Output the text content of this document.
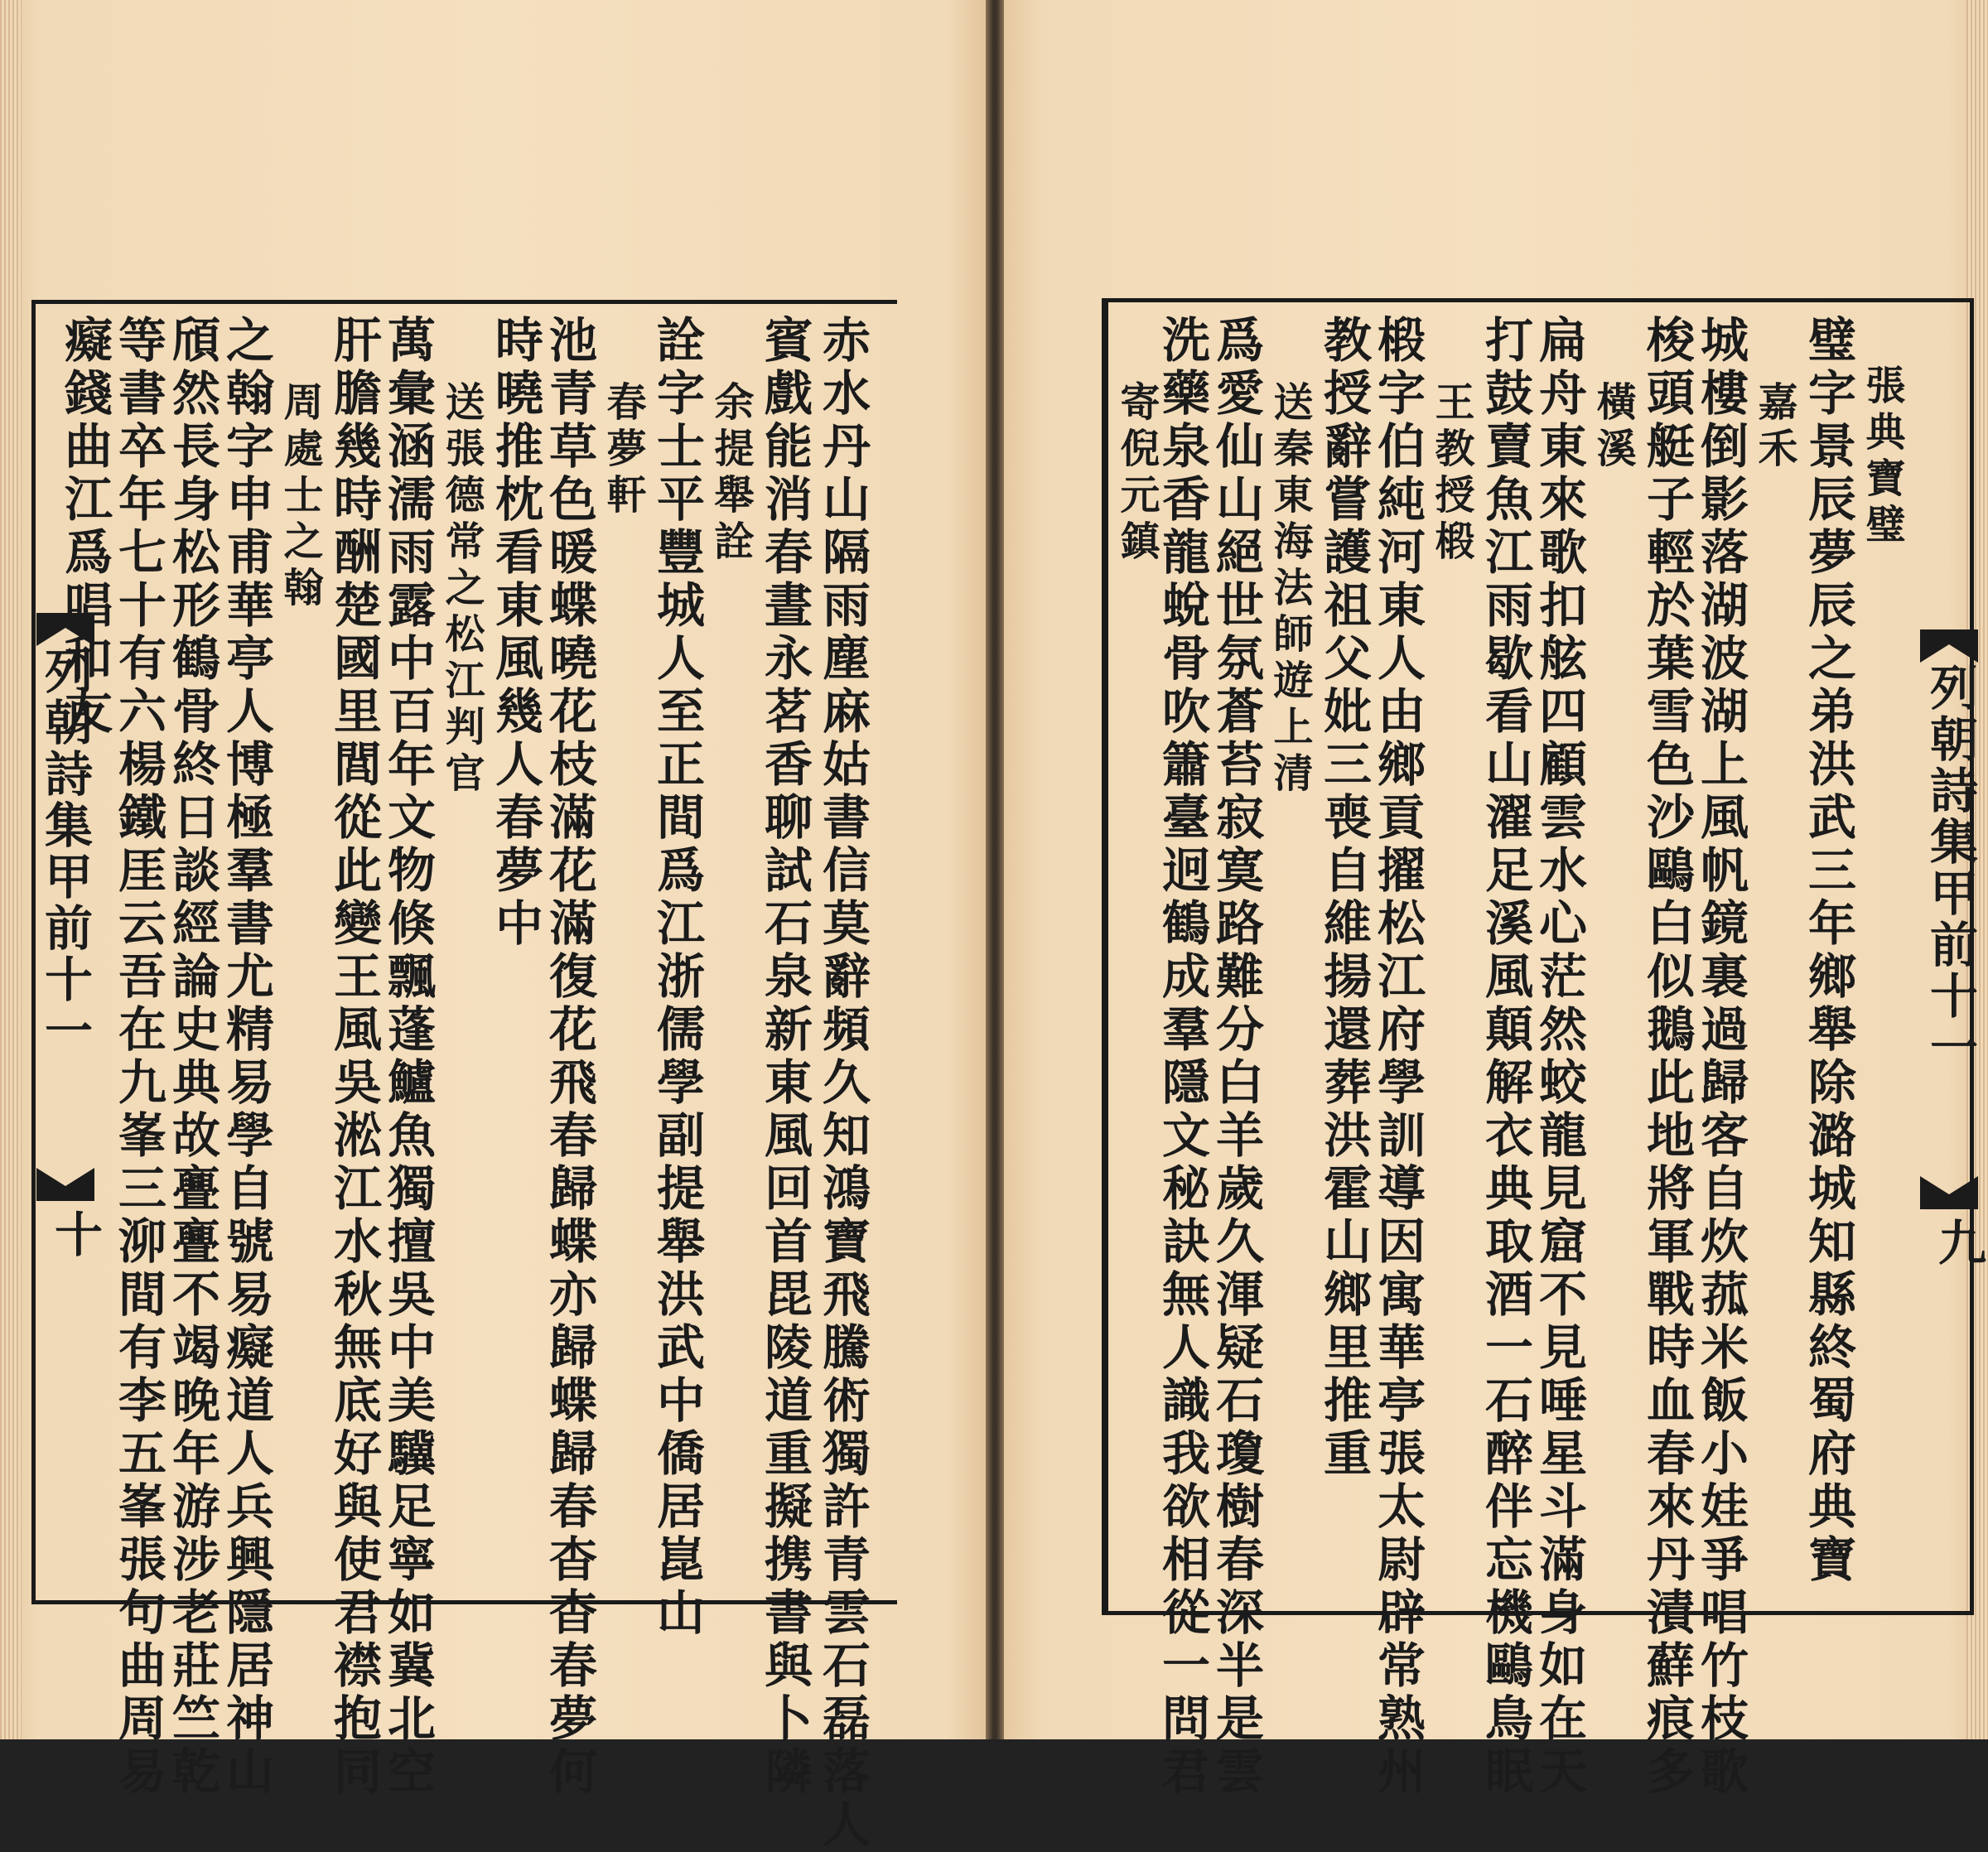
列朝詩集甲前十一
十	赤水丹山隔雨塵麻姑書信莫辭頻久知鴻寶飛騰術獨許青雲石磊落人
賓戲能消春晝永茗香聊試石泉新東風回首毘陵道重擬携書與卜隣
余提舉詮
詮字士平豐城人至正間爲江浙儒學副提舉洪武中僑居崑山
春夢軒
池青草色暖蝶曉花枝滿花滿復花飛春歸蝶亦歸蝶歸春杳杳春夢何
時曉推枕看東風幾人春夢中
送張德常之松江判官
萬彙涵濡雨露中百年文物倏飄蓬鱸魚獨擅吳中美驥足寧如冀北空
肝膽幾時酬楚國里閭從此變王風吳淞江水秋無底好與使君襟抱同
周處士之翰
之翰字申甫華亭人博極羣書尤精易學自號易癡道人兵興隱居神山
頎然長身松形鶴骨終日談經論史典故亹亹不竭晚年游涉老莊竺乾
等書卒年七十有六楊鐵厓云吾在九峯三泖間有李五峯張句曲周易
癡錢曲江爲唱和友
列朝詩集甲前十一
九
張典寶璧
璧字景辰夢辰之弟洪武三年鄉舉除潞城知縣終蜀府典寶
嘉禾
城樓倒影落湖波湖上風帆鏡裏過歸客自炊菰米飯小娃爭唱竹枝歌
梭頭艇子輕於葉雪色沙鷗白似鵝此地將軍戰時血春來丹漬蘚痕多
橫溪
扁舟東來歌扣舷四顧雲水心茫然蛟龍見窟不見唾星斗滿身如在天
打鼓賣魚江雨歇看山濯足溪風顛解衣典取酒一石醉伴忘機鷗鳥眠
王教授椴
椴字伯純河東人由鄉貢擢松江府學訓導因寓華亭張太尉辟常熟州
教授辭嘗護祖父妣三喪自維揚還葬洪霍山鄉里推重
送秦東海法師遊上清
爲愛仙山絕世氛蒼苔寂寞路難分白羊歲久渾疑石瓊樹春深半是雲
洗藥泉香龍蛻骨吹簫臺迥鶴成羣隱文秘訣無人識我欲相從一問君
寄倪元鎮
